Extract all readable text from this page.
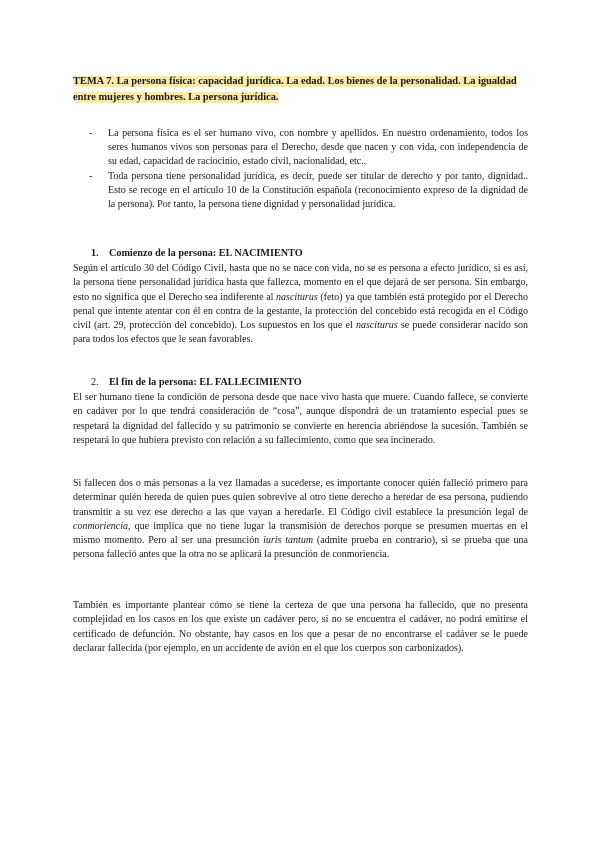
TEMA 7. La persona física: capacidad jurídica. La edad. Los bienes de la personalidad. La igualdad entre mujeres y hombres. La persona jurídica.
- La persona física es el ser humano vivo, con nombre y apellidos. En nuestro ordenamiento, todos los seres humanos vivos son personas para el Derecho, desde que nacen y con vida, con independencia de su edad, capacidad de raciocinio, estado civil, nacionalidad, etc..
- Toda persona tiene personalidad jurídica, es decir, puede ser titular de derecho y por tanto, dignidad.. Esto se recoge en el artículo 10 de la Constitución española (reconocimiento expreso de la dignidad de la persona). Por tanto, la persona tiene dignidad y personalidad jurídica.
1. Comienzo de la persona: EL NACIMIENTO

Según el artículo 30 del Código Civil, hasta que no se nace con vida, no se es persona a efecto jurídico, si es así, la persona tiene personalidad jurídica hasta que fallezca, momento en el que dejará de ser persona. Sin embargo, esto no significa que el Derecho sea indiferente al nasciturus (feto) ya que también está protegido por el Derecho penal que intente atentar con él en contra de la gestante, la protección del concebido está recogida en el Código civil (art. 29, protección del concebido). Los supuestos en los que el nasciturus se puede considerar nacido son para todos los efectos que le sean favorables.

2. El fin de la persona: EL FALLECIMIENTO

El ser humano tiene la condición de persona desde que nace vivo hasta que muere. Cuando fallece, se convierte en cadáver por lo que tendrá consideración de “cosa”, aunque dispondrá de un tratamiento especial pues se respetará la dignidad del fallecido y su patrimonio se convierte en herencia abriéndose la sucesión. También se respetará lo que hubiera previsto con relación a su fallecimiento, como que sea incinerado.

Si fallecen dos o más personas a la vez llamadas a sucederse, es importante conocer quién falleció primero para determinar quién hereda de quien pues quien sobrevive al otro tiene derecho a heredar de esa persona, pudiendo transmitir a su vez ese derecho a las que vayan a heredarle. El Código civil establece la presunción legal de conmoriencia, que implica que no tiene lugar la transmisión de derechos porque se presumen muertas en el mismo momento. Pero al ser una presunción iuris tantum (admite prueba en contrario), si se prueba que una persona falleció antes que la otra no se aplicará la presunción de conmoriencia.

También es importante plantear cómo se tiene la certeza de que una persona ha fallecido, que no presenta complejidad en los casos en los que existe un cadáver pero, si no se encuentra el cadáver, no podrá emitirse el certificado de defunción. No obstante, hay casos en los que a pesar de no encontrarse el cadáver se le puede declarar fallecida (por ejemplo, en un accidente de avión en el que los cuerpos son carbonizados).
